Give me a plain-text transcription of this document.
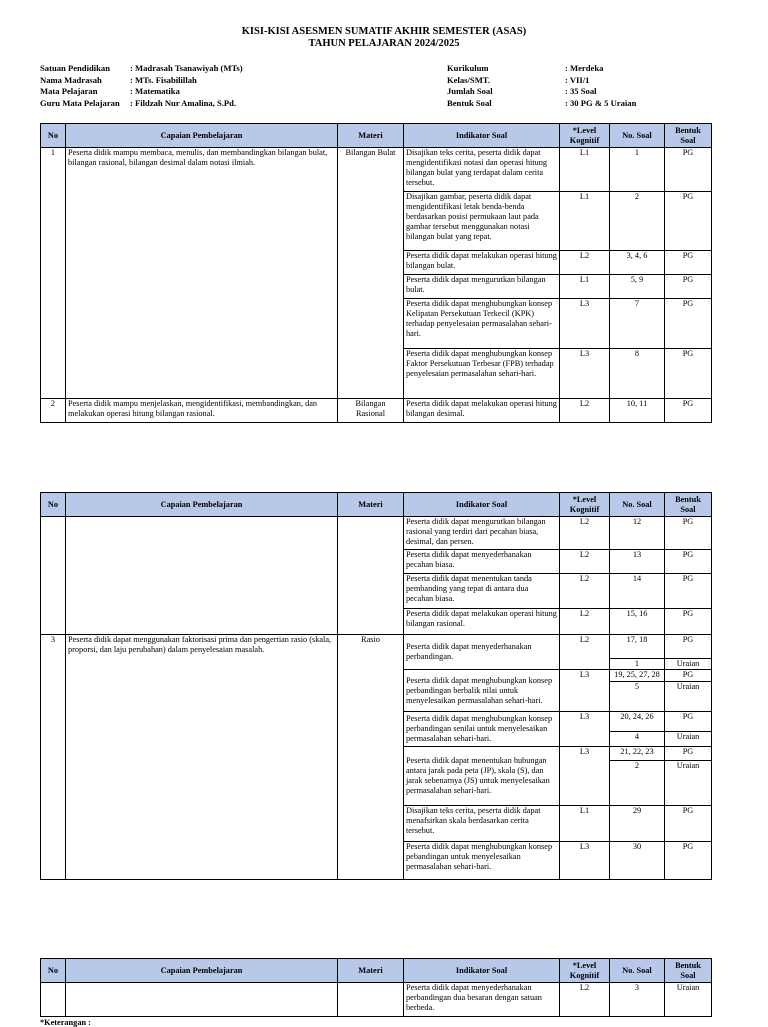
KISI-KISI ASESMEN SUMATIF AKHIR SEMESTER (ASAS)
TAHUN PELAJARAN 2024/2025
Satuan Pendidikan	: Madrasah Tsanawiyah (MTs)
Nama Madrasah	: MTs. Fisabilillah
Mata Pelajaran	: Matematika
Guru Mata Pelajaran	: Fildzah Nur Amalina, S.Pd.
Kurikulum	: Merdeka
Kelas/SMT.	: VII/1
Jumlah Soal	: 35 Soal
Bentuk Soal	: 30 PG & 5 Uraian
No	Capaian Pembelajaran	Materi	Indikator Soal	*Level Kognitif	No. Soal	Bentuk Soal
1	Peserta didik mampu membaca, menulis, dan membandingkan bilangan bulat, bilangan rasional, bilangan desimal dalam notasi ilmiah.	Bilangan Bulat	Disajikan teks cerita, peserta didik dapat mengidentifikasi notasi dan operasi hitung bilangan bulat yang terdapat dalam cerita tersebut.	L1	1	PG
			Disajikan gambar, peserta didik dapat mengidentifikasi letak benda-benda berdasarkan posisi permukaan laut pada gambar tersebut menggunakan notasi bilangan bulat yang tepat.	L1	2	PG
			Peserta didik dapat melakukan operasi hitung bilangan bulat.	L2	3, 4, 6	PG
			Peserta didik dapat mengurutkan bilangan bulat.	L1	5, 9	PG
			Peserta didik dapat menghubungkan konsep Kelipatan Persekutuan Terkecil (KPK) terhadap penyelesaian permasalahan sehari-hari.	L3	7	PG
			Peserta didik dapat menghubungkan konsep Faktor Persekutuan Terbesar (FPB) terhadap penyelesaian permasalahan sehari-hari.	L3	8	PG
2	Peserta didik mampu menjelaskan, mengidentifikasi, membandingkan, dan melakukan operasi hitung bilangan rasional.	Bilangan Rasional	Peserta didik dapat melakukan operasi hitung bilangan desimal.	L2	10, 11	PG
No	Capaian Pembelajaran	Materi	Indikator Soal	*Level Kognitif	No. Soal	Bentuk Soal
			Peserta didik dapat mengurutkan bilangan rasional yang terdiri dari pecahan biasa, desimal, dan persen.	L2	12	PG
			Peserta didik dapat menyederhanakan pecahan biasa.	L2	13	PG
			Peserta didik dapat menentukan tanda pembanding yang tepat di antara dua pecahan biasa.	L2	14	PG
			Peserta didik dapat melakukan operasi hitung bilangan rasional.	L2	15, 16	PG
3	Peserta didik dapat menggunakan faktorisasi prima dan pengertian rasio (skala, proporsi, dan laju perubahan) dalam penyelesaian masalah.	Rasio	Peserta didik dapat menyederhanakan perbandingan.	L2	17, 18	PG
					1	Uraian
			Peserta didik dapat menghubungkan konsep perbandingan berbalik nilai untuk menyelesaikan permasalahan sehari-hari.	L3	19, 25, 27, 28	PG
					5	Uraian
			Peserta didik dapat menghubungkan konsep perbandingan senilai untuk menyelesaikan permasalahan sehari-hari.	L3	20, 24, 26	PG
					4	Uraian
			Peserta didik dapat menentukan hubungan antara jarak pada peta (JP), skala (S), dan jarak sebenarnya (JS) untuk menyelesaikan permasalahan sehari-hari.	L3	21, 22, 23	PG
					2	Uraian
			Disajikan teks cerita, peserta didik dapat menafsirkan skala berdasarkan cerita tersebut.	L1	29	PG
			Peserta didik dapat menghubungkan konsep pebandingan untuk menyelesaikan permasalahan sehari-hari.	L3	30	PG
No	Capaian Pembelajaran	Materi	Indikator Soal	*Level Kognitif	No. Soal	Bentuk Soal
			Peserta didik dapat menyederhanakan perbandingan dua besaran dengan satuan berbeda.	L2	3	Uraian
*Keterangan :
